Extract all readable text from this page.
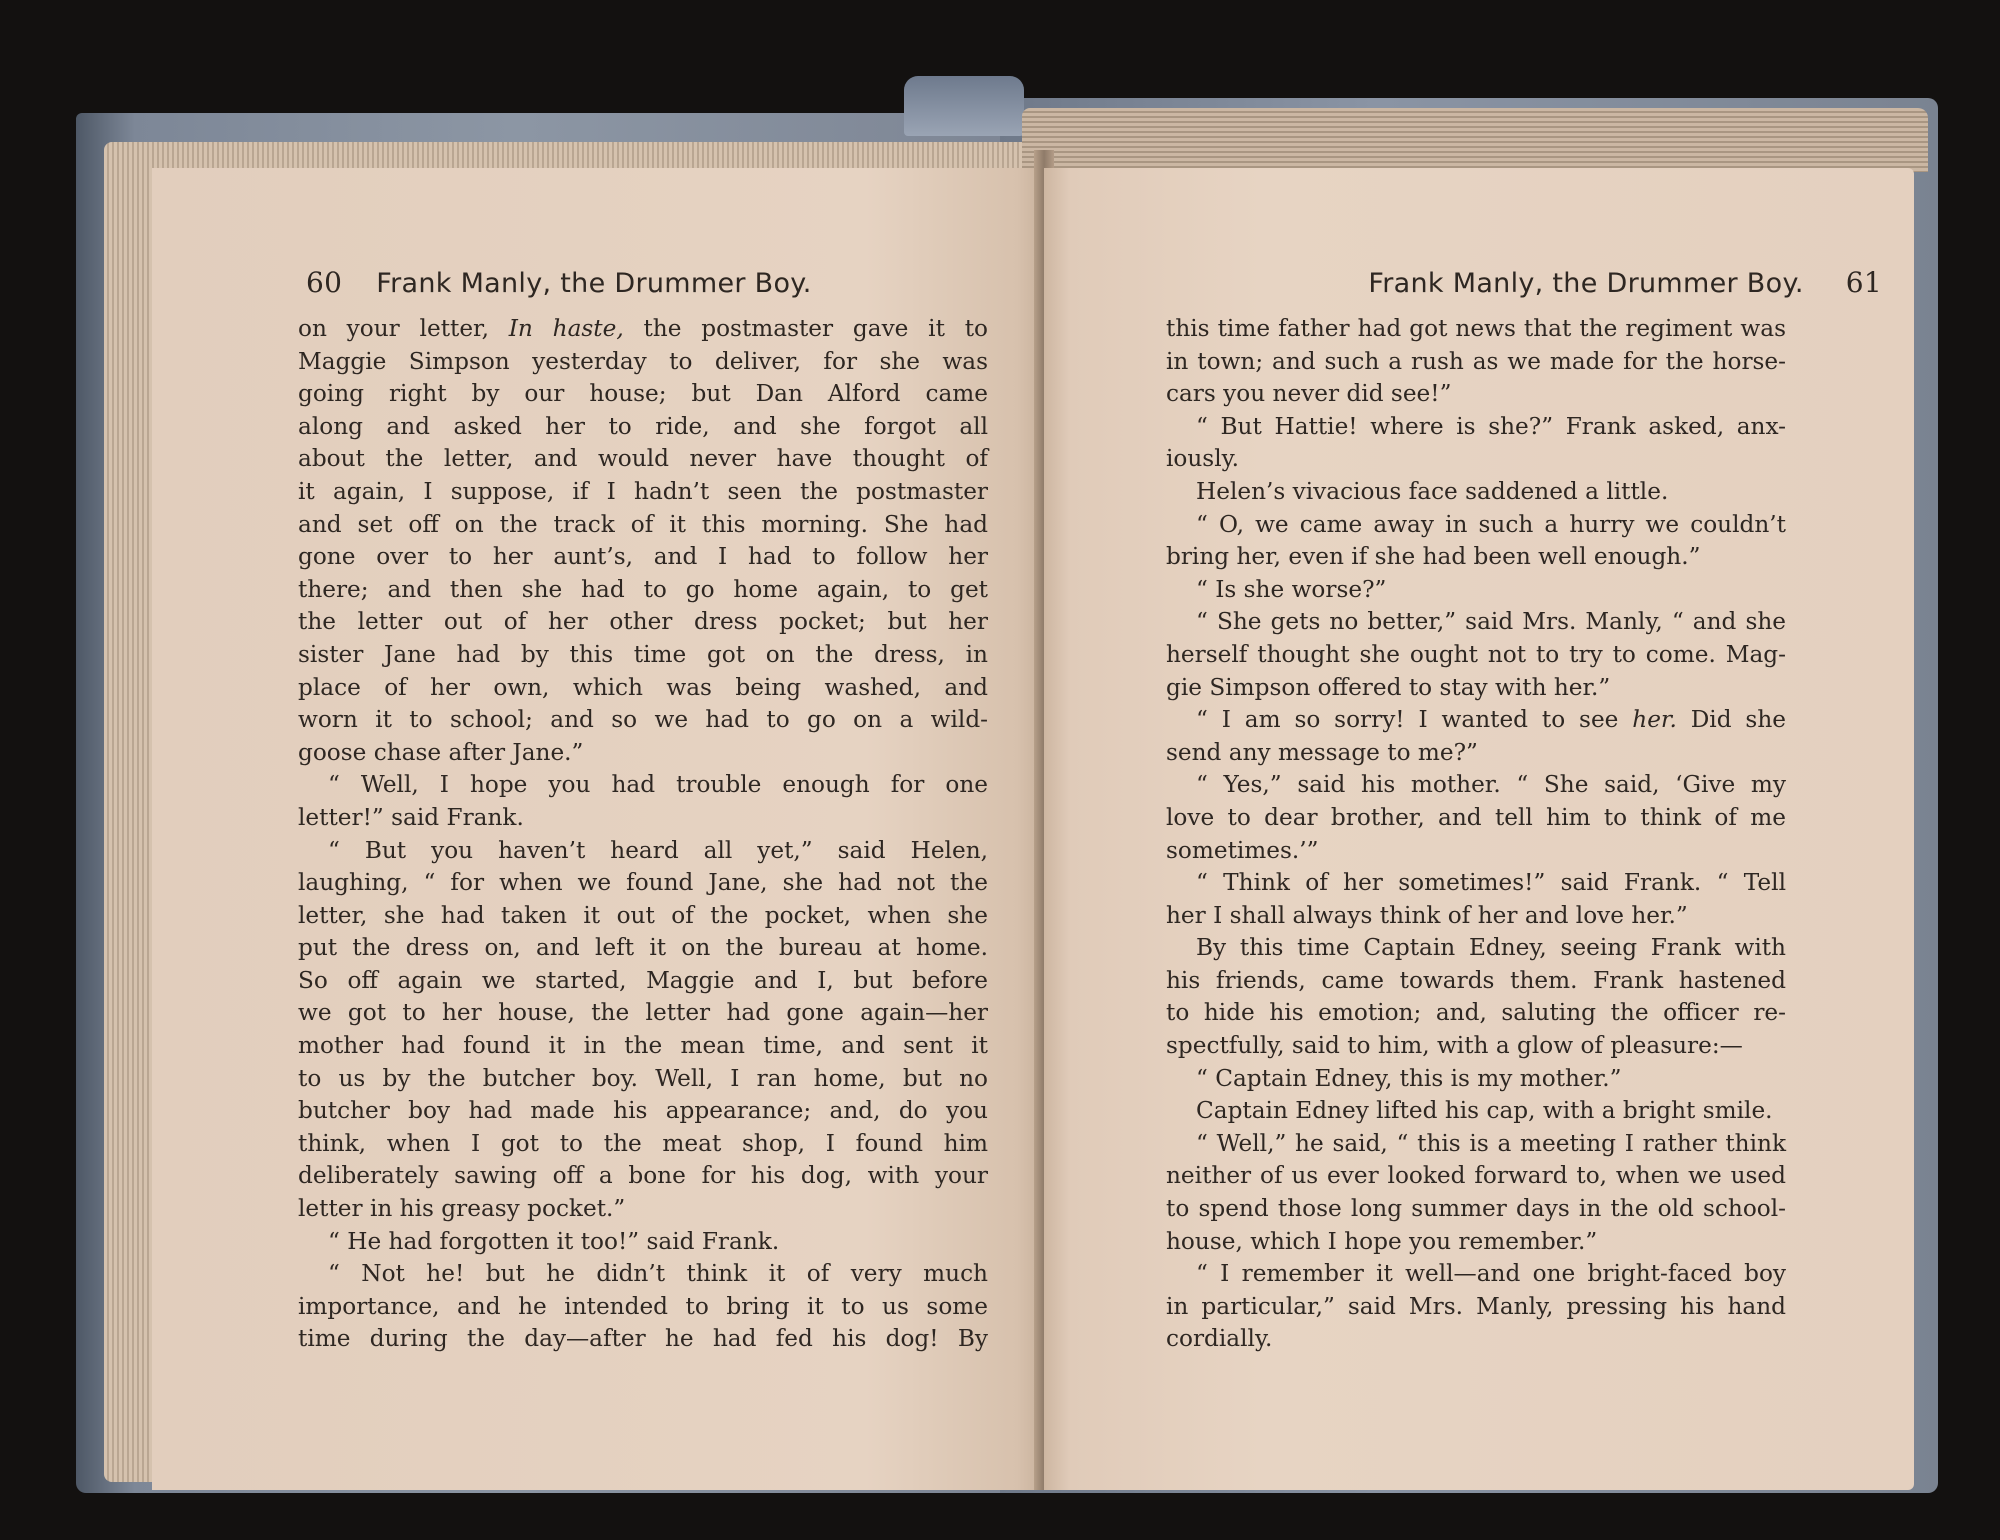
60 Frank Manly, the Drummer Boy.
on your letter, In haste, the postmaster gave it to
Maggie Simpson yesterday to deliver, for she was
going right by our house; but Dan Alford came
along and asked her to ride, and she forgot all
about the letter, and would never have thought of
it again, I suppose, if I hadn’t seen the postmaster
and set off on the track of it this morning. She had
gone over to her aunt’s, and I had to follow her
there; and then she had to go home again, to get
the letter out of her other dress pocket; but her
sister Jane had by this time got on the dress, in
place of her own, which was being washed, and
worn it to school; and so we had to go on a wild-
goose chase after Jane.”
“ Well, I hope you had trouble enough for one
letter!” said Frank.
“ But you haven’t heard all yet,” said Helen,
laughing, “ for when we found Jane, she had not the
letter, she had taken it out of the pocket, when she
put the dress on, and left it on the bureau at home.
So off again we started, Maggie and I, but before
we got to her house, the letter had gone again—her
mother had found it in the mean time, and sent it
to us by the butcher boy. Well, I ran home, but no
butcher boy had made his appearance; and, do you
think, when I got to the meat shop, I found him
deliberately sawing off a bone for his dog, with your
letter in his greasy pocket.”
“ He had forgotten it too!” said Frank.
“ Not he! but he didn’t think it of very much
importance, and he intended to bring it to us some
time during the day—after he had fed his dog! By
Frank Manly, the Drummer Boy. 61
this time father had got news that the regiment was
in town; and such a rush as we made for the horse-
cars you never did see!”
“ But Hattie! where is she?” Frank asked, anx-
iously.
Helen’s vivacious face saddened a little.
“ O, we came away in such a hurry we couldn’t
bring her, even if she had been well enough.”
“ Is she worse?”
“ She gets no better,” said Mrs. Manly, “ and she
herself thought she ought not to try to come. Mag-
gie Simpson offered to stay with her.”
“ I am so sorry! I wanted to see her. Did she
send any message to me?”
“ Yes,” said his mother. “ She said, ‘Give my
love to dear brother, and tell him to think of me
sometimes.’”
“ Think of her sometimes!” said Frank. “ Tell
her I shall always think of her and love her.”
By this time Captain Edney, seeing Frank with
his friends, came towards them. Frank hastened
to hide his emotion; and, saluting the officer re-
spectfully, said to him, with a glow of pleasure:—
“ Captain Edney, this is my mother.”
Captain Edney lifted his cap, with a bright smile.
“ Well,” he said, “ this is a meeting I rather think
neither of us ever looked forward to, when we used
to spend those long summer days in the old school-
house, which I hope you remember.”
“ I remember it well—and one bright-faced boy
in particular,” said Mrs. Manly, pressing his hand
cordially.
